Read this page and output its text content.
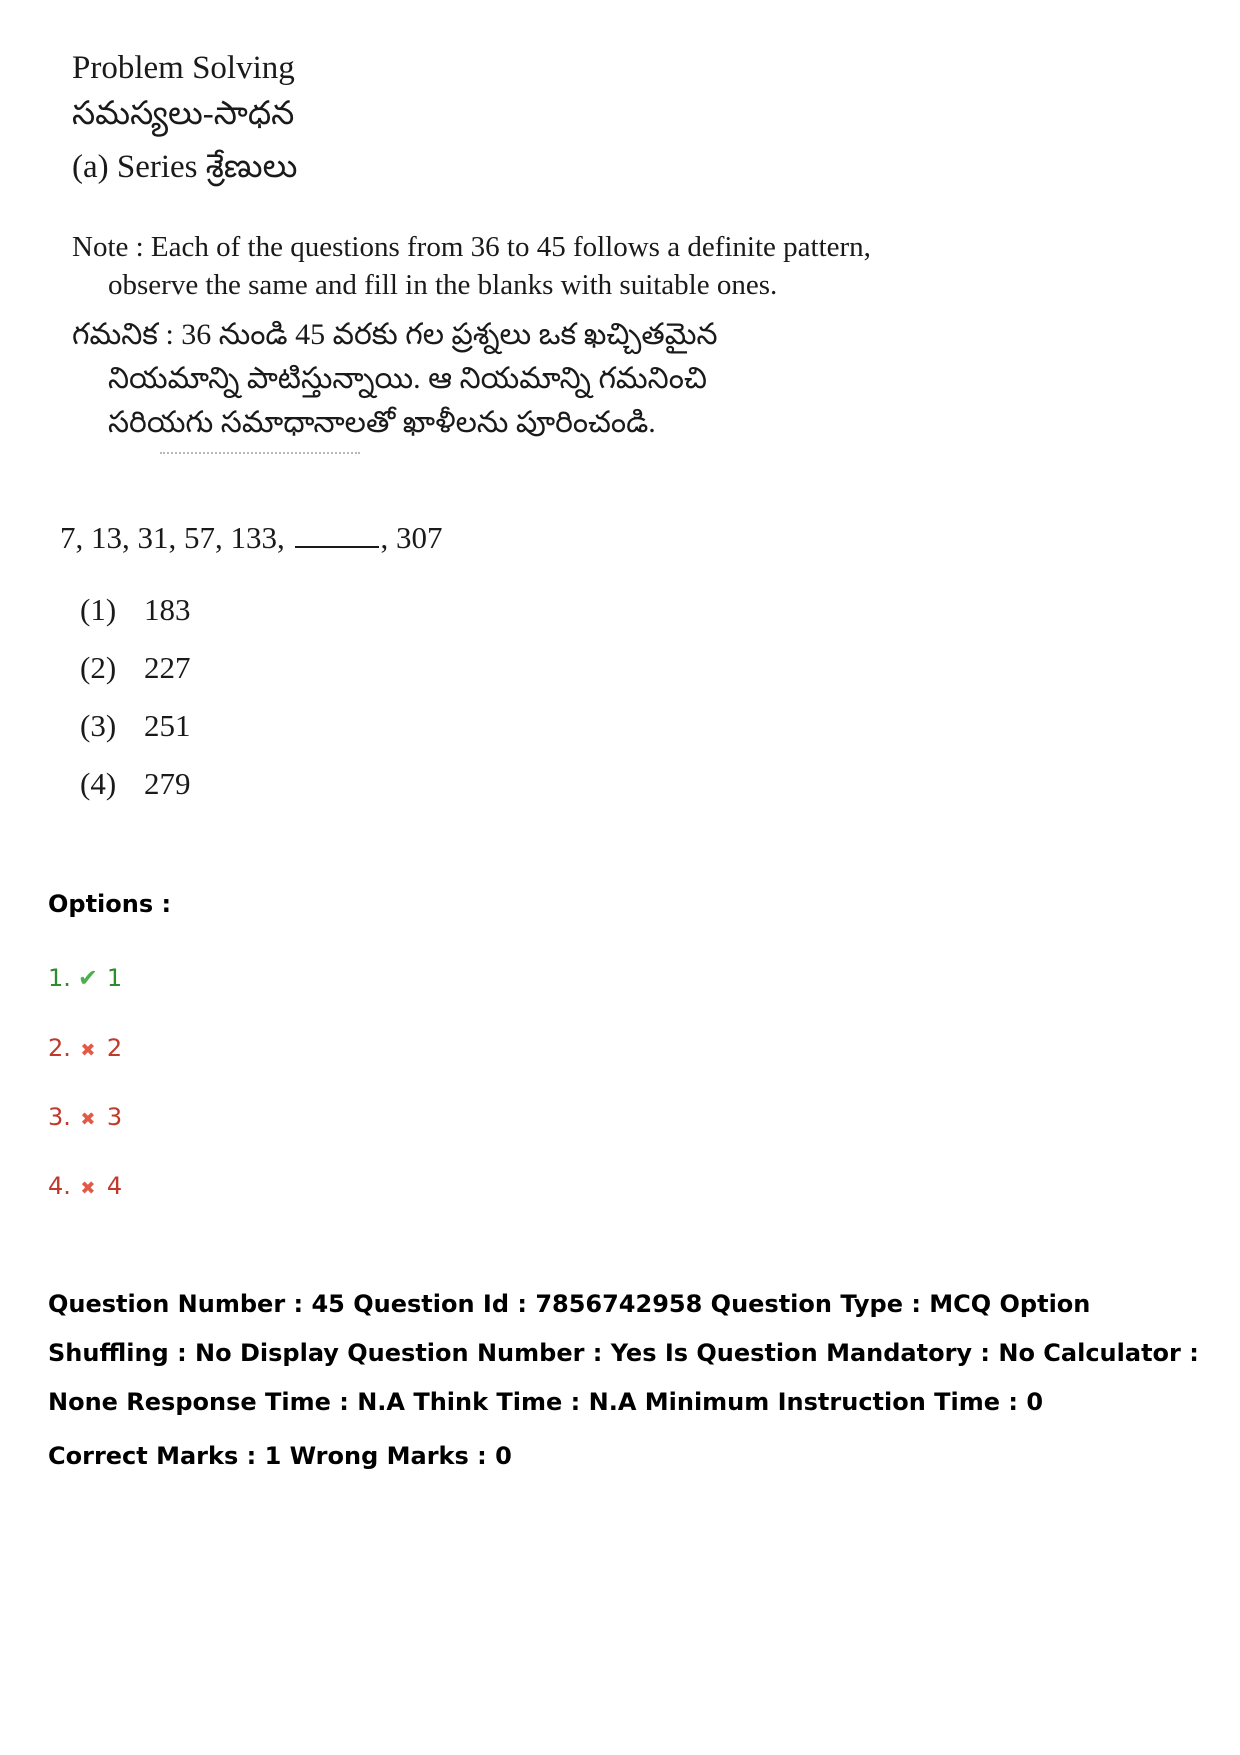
Problem Solving
సమస్యలు-సాధన
(a) Series శ్రేణులు
Note : Each of the questions from 36 to 45 follows a definite pattern,
observe the same and fill in the blanks with suitable ones.
గమనిక : 36 నుండి 45 వరకు గల ప్రశ్నలు ఒక ఖచ్చితమైన
నియమాన్ని పాటిస్తున్నాయి. ఆ నియమాన్ని గమనించి
సరియగు సమాధానాలతో ఖాళీలను పూరించండి.
7, 13, 31, 57, 133,	, 307
(1) 183
(2) 227
(3) 251
(4) 279
Options :
1. ✔ 1
2. ✖ 2
3. ✖ 3
4. ✖ 4
Question Number : 45 Question Id : 7856742958 Question Type : MCQ Option Shuffling : No Display Question Number : Yes Is Question Mandatory : No Calculator : None Response Time : N.A Think Time : N.A Minimum Instruction Time : 0
Correct Marks : 1 Wrong Marks : 0
